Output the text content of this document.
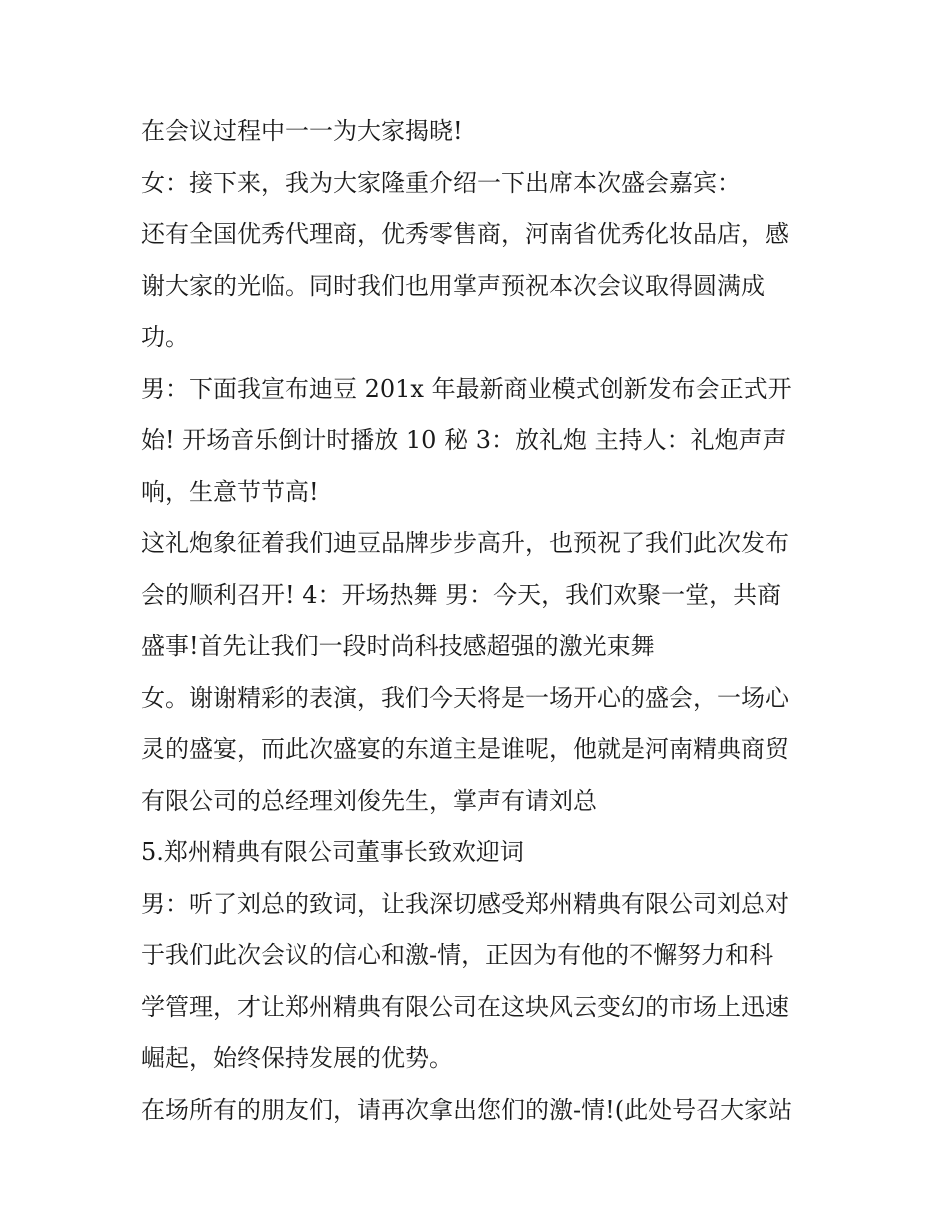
在会议过程中一一为大家揭晓!
女：接下来，我为大家隆重介绍一下出席本次盛会嘉宾：
还有全国优秀代理商，优秀零售商，河南省优秀化妆品店，感
谢大家的光临。同时我们也用掌声预祝本次会议取得圆满成
功。
男：下面我宣布迪豆 201x 年最新商业模式创新发布会正式开
始! 开场音乐倒计时播放 10 秘 3：放礼炮 主持人：礼炮声声
响，生意节节高!
这礼炮象征着我们迪豆品牌步步高升，也预祝了我们此次发布
会的顺利召开! 4：开场热舞 男：今天，我们欢聚一堂，共商
盛事!首先让我们一段时尚科技感超强的激光束舞
女。谢谢精彩的表演，我们今天将是一场开心的盛会，一场心
灵的盛宴，而此次盛宴的东道主是谁呢，他就是河南精典商贸
有限公司的总经理刘俊先生，掌声有请刘总
5.郑州精典有限公司董事长致欢迎词
男：听了刘总的致词，让我深切感受郑州精典有限公司刘总对
于我们此次会议的信心和激-情，正因为有他的不懈努力和科
学管理，才让郑州精典有限公司在这块风云变幻的市场上迅速
崛起，始终保持发展的优势。
在场所有的朋友们，请再次拿出您们的激-情!(此处号召大家站
